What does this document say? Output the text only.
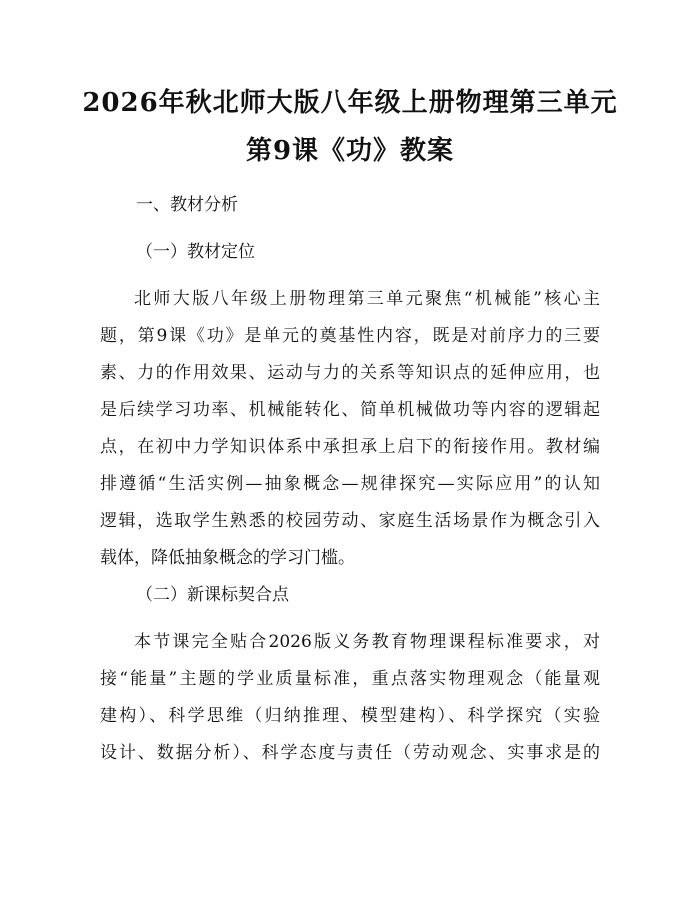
2026年秋北师大版八年级上册物理第三单元
第9课《功》教案
一、教材分析
（一）教材定位
北师大版八年级上册物理第三单元聚焦“机械能”核心主
题，第9课《功》是单元的奠基性内容，既是对前序力的三要
素、力的作用效果、运动与力的关系等知识点的延伸应用，也
是后续学习功率、机械能转化、简单机械做功等内容的逻辑起
点，在初中力学知识体系中承担承上启下的衔接作用。教材编
排遵循“生活实例—抽象概念—规律探究—实际应用”的认知
逻辑，选取学生熟悉的校园劳动、家庭生活场景作为概念引入
载体，降低抽象概念的学习门槛。
（二）新课标契合点
本节课完全贴合2026版义务教育物理课程标准要求，对
接“能量”主题的学业质量标准，重点落实物理观念（能量观
建构）、科学思维（归纳推理、模型建构）、科学探究（实验
设计、数据分析）、科学态度与责任（劳动观念、实事求是的
